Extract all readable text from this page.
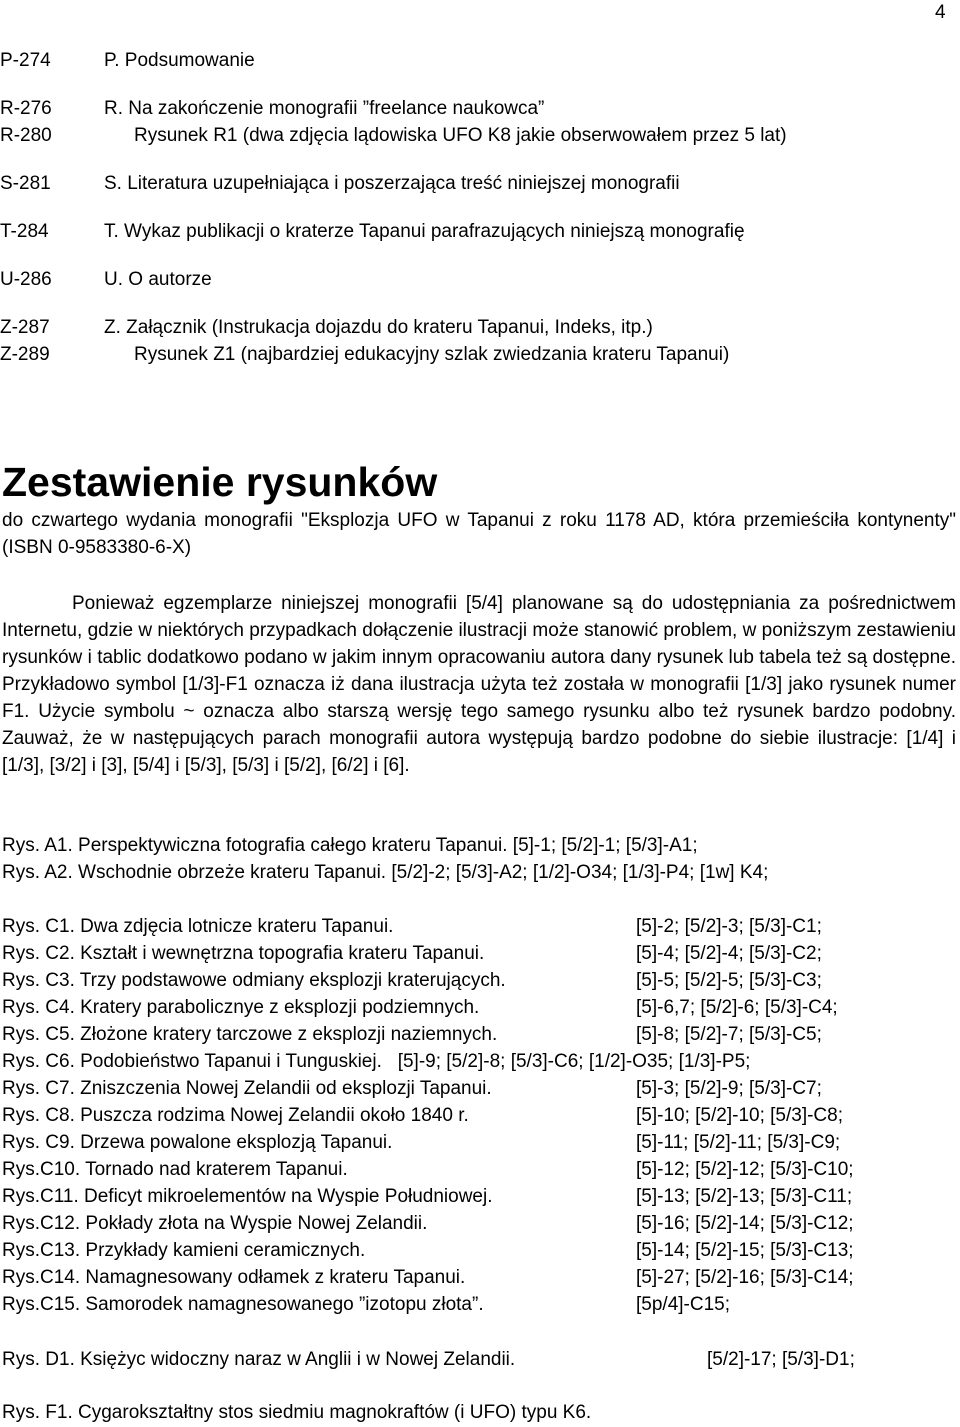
4
P-274	P. Podsumowanie
R-276	R. Na zakończenie monografii ”freelance naukowca”
R-280	Rysunek R1 (dwa zdjęcia lądowiska UFO K8 jakie obserwowałem przez 5 lat)
S-281	S. Literatura uzupełniająca i poszerzająca treść niniejszej monografii
T-284	T. Wykaz publikacji o kraterze Tapanui parafrazujących niniejszą monografię
U-286	U. O autorze
Z-287	Z. Załącznik (Instrukacja dojazdu do krateru Tapanui, Indeks, itp.)
Z-289	Rysunek Z1 (najbardziej edukacyjny szlak zwiedzania krateru Tapanui)
Zestawienie rysunków
do czwartego wydania monografii "Eksplozja UFO w Tapanui z roku 1178 AD, która przemieściła kontynenty" (ISBN 0-9583380-6-X)
Ponieważ egzemplarze niniejszej monografii [5/4] planowane są do udostępniania za pośrednictwem Internetu, gdzie w niektórych przypadkach dołączenie ilustracji może stanowić problem, w poniższym zestawieniu rysunków i tablic dodatkowo podano w jakim innym opracowaniu autora dany rysunek lub tabela też są dostępne. Przykładowo symbol [1/3]-F1 oznacza iż dana ilustracja użyta też została w monografii [1/3] jako rysunek numer F1. Użycie symbolu ~ oznacza albo starszą wersję tego samego rysunku albo też rysunek bardzo podobny. Zauważ, że w następujących parach monografii autora występują bardzo podobne do siebie ilustracje: [1/4] i [1/3], [3/2] i [3], [5/4] i [5/3], [5/3] i [5/2], [6/2] i [6].
Rys. A1. Perspektywiczna fotografia całego krateru Tapanui. [5]-1; [5/2]-1; [5/3]-A1;
Rys. A2. Wschodnie obrzeże krateru Tapanui. [5/2]-2; [5/3]-A2; [1/2]-O34; [1/3]-P4; [1w] K4;
Rys. C1. Dwa zdjęcia lotnicze krateru Tapanui.	[5]-2; [5/2]-3; [5/3]-C1;
Rys. C2. Kształt i wewnętrzna topografia krateru Tapanui.	[5]-4; [5/2]-4; [5/3]-C2;
Rys. C3. Trzy podstawowe odmiany eksplozji kraterujących.	[5]-5; [5/2]-5; [5/3]-C3;
Rys. C4. Kratery parabolicznye z eksplozji podziemnych.	[5]-6,7; [5/2]-6; [5/3]-C4;
Rys. C5. Złożone kratery tarczowe z eksplozji naziemnych.	[5]-8; [5/2]-7; [5/3]-C5;
Rys. C6. Podobieństwo Tapanui i Tunguskiej.   [5]-9; [5/2]-8; [5/3]-C6; [1/2]-O35; [1/3]-P5;
Rys. C7. Zniszczenia Nowej Zelandii od eksplozji Tapanui.	[5]-3; [5/2]-9; [5/3]-C7;
Rys. C8. Puszcza rodzima Nowej Zelandii około 1840 r.	[5]-10; [5/2]-10; [5/3]-C8;
Rys. C9. Drzewa powalone eksplozją Tapanui.	[5]-11; [5/2]-11; [5/3]-C9;
Rys.C10. Tornado nad kraterem Tapanui.	[5]-12; [5/2]-12; [5/3]-C10;
Rys.C11. Deficyt mikroelementów na Wyspie Południowej.	[5]-13; [5/2]-13; [5/3]-C11;
Rys.C12. Pokłady złota na Wyspie Nowej Zelandii.	[5]-16; [5/2]-14; [5/3]-C12;
Rys.C13. Przykłady kamieni ceramicznych.	[5]-14; [5/2]-15; [5/3]-C13;
Rys.C14. Namagnesowany odłamek z krateru Tapanui.	[5]-27; [5/2]-16; [5/3]-C14;
Rys.C15. Samorodek namagnesowanego ”izotopu złota”.	[5p/4]-C15;
Rys. D1. Księżyc widoczny naraz w Anglii i w Nowej Zelandii.	[5/2]-17; [5/3]-D1;
Rys. F1. Cygarokształtny stos siedmiu magnokraftów (i UFO) typu K6.
